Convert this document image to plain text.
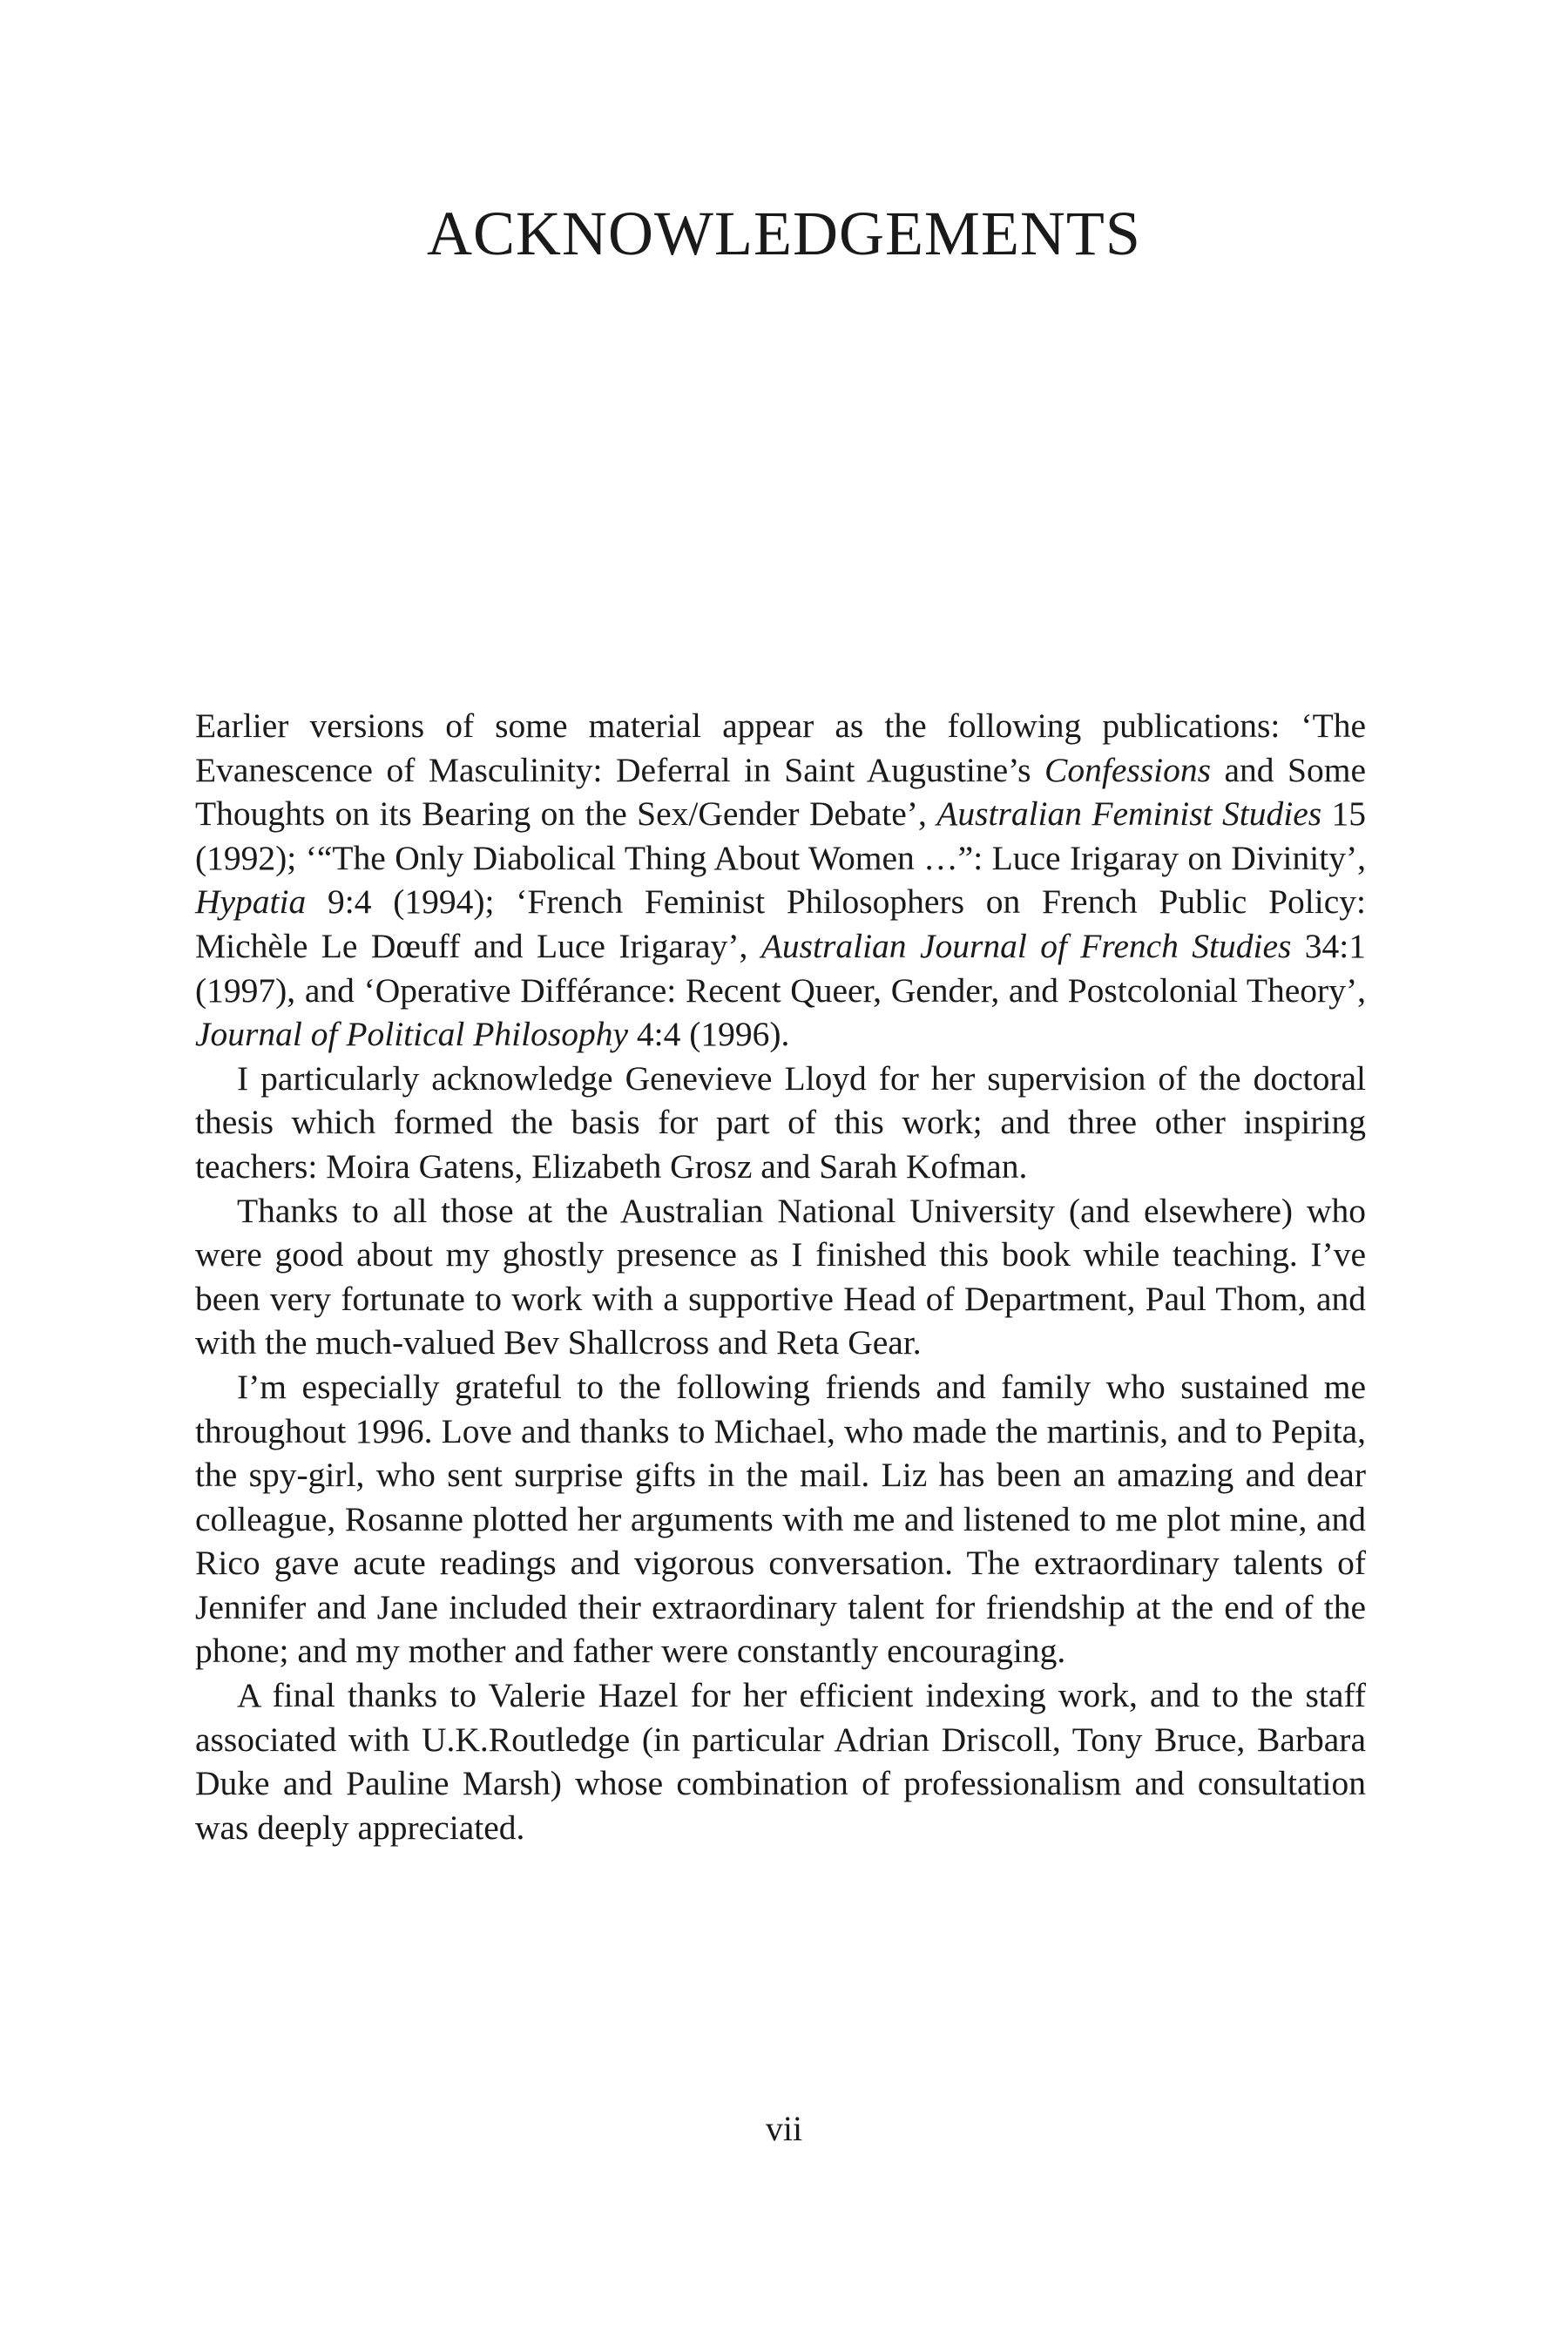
ACKNOWLEDGEMENTS

Earlier versions of some material appear as the following publications: ‘The Evanescence of Masculinity: Deferral in Saint Augustine’s Confessions and Some Thoughts on its Bearing on the Sex/Gender Debate’, Australian Feminist Studies 15 (1992); ‘“The Only Diabolical Thing About Women …”: Luce Irigaray on Divinity’, Hypatia 9:4 (1994); ‘French Feminist Philosophers on French Public Policy: Michèle Le Dœuff and Luce Irigaray’, Australian Journal of French Studies 34:1 (1997), and ‘Operative Différance: Recent Queer, Gender, and Postcolonial Theory’, Journal of Political Philosophy 4:4 (1996).

I particularly acknowledge Genevieve Lloyd for her supervision of the doctoral thesis which formed the basis for part of this work; and three other inspiring teachers: Moira Gatens, Elizabeth Grosz and Sarah Kofman.

Thanks to all those at the Australian National University (and elsewhere) who were good about my ghostly presence as I finished this book while teaching. I’ve been very fortunate to work with a supportive Head of Department, Paul Thom, and with the much-valued Bev Shallcross and Reta Gear.

I’m especially grateful to the following friends and family who sustained me throughout 1996. Love and thanks to Michael, who made the martinis, and to Pepita, the spy-girl, who sent surprise gifts in the mail. Liz has been an amazing and dear colleague, Rosanne plotted her arguments with me and listened to me plot mine, and Rico gave acute readings and vigorous conversation. The extraordinary talents of Jennifer and Jane included their extraordinary talent for friendship at the end of the phone; and my mother and father were constantly encouraging.

A final thanks to Valerie Hazel for her efficient indexing work, and to the staff associated with U.K.Routledge (in particular Adrian Driscoll, Tony Bruce, Barbara Duke and Pauline Marsh) whose combination of professionalism and consultation was deeply appreciated.

vii
